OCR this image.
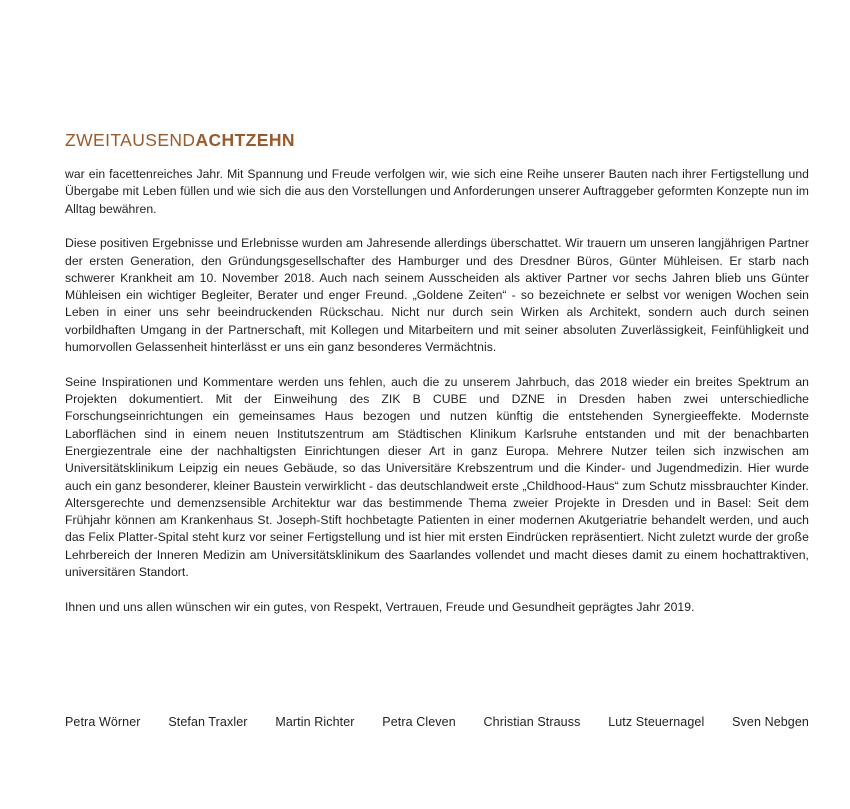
ZWEITAUSENDACHTZEHN

war ein facettenreiches Jahr. Mit Spannung und Freude verfolgen wir, wie sich eine Reihe unserer Bauten nach ihrer Fertigstellung und Übergabe mit Leben füllen und wie sich die aus den Vorstellungen und Anforderungen unserer Auftraggeber geformten Konzepte nun im Alltag bewähren.

Diese positiven Ergebnisse und Erlebnisse wurden am Jahresende allerdings überschattet. Wir trauern um unseren langjährigen Partner der ersten Generation, den Gründungsgesellschafter des Hamburger und des Dresdner Büros, Günter Mühleisen. Er starb nach schwerer Krankheit am 10. November 2018. Auch nach seinem Ausscheiden als aktiver Partner vor sechs Jahren blieb uns Günter Mühleisen ein wichtiger Begleiter, Berater und enger Freund. „Goldene Zeiten“ - so bezeichnete er selbst vor wenigen Wochen sein Leben in einer uns sehr beeindruckenden Rückschau. Nicht nur durch sein Wirken als Architekt, sondern auch durch seinen vorbildhaften Umgang in der Partnerschaft, mit Kollegen und Mitarbeitern und mit seiner absoluten Zuverlässigkeit, Feinfühligkeit und humorvollen Gelassenheit hinterlässt er uns ein ganz besonderes Vermächtnis.

Seine Inspirationen und Kommentare werden uns fehlen, auch die zu unserem Jahrbuch, das 2018 wieder ein breites Spektrum an Projekten dokumentiert. Mit der Einweihung des ZIK B CUBE und DZNE in Dresden haben zwei unterschiedliche Forschungseinrichtungen ein gemeinsames Haus bezogen und nutzen künftig die entstehenden Synergieeffekte. Modernste Laborflächen sind in einem neuen Institutszentrum am Städtischen Klinikum Karlsruhe entstanden und mit der benachbarten Energiezentrale eine der nachhaltigsten Einrichtungen dieser Art in ganz Europa. Mehrere Nutzer teilen sich inzwischen am Universitätsklinikum Leipzig ein neues Gebäude, so das Universitäre Krebszentrum und die Kinder- und Jugendmedizin. Hier wurde auch ein ganz besonderer, kleiner Baustein verwirklicht - das deutschlandweit erste „Childhood-Haus“ zum Schutz missbrauchter Kinder. Altersgerechte und demenzsensible Architektur war das bestimmende Thema zweier Projekte in Dresden und in Basel: Seit dem Frühjahr können am Krankenhaus St. Joseph-Stift hochbetagte Patienten in einer modernen Akutgeriatrie behandelt werden, und auch das Felix Platter-Spital steht kurz vor seiner Fertigstellung und ist hier mit ersten Eindrücken repräsentiert. Nicht zuletzt wurde der große Lehrbereich der Inneren Medizin am Universitätsklinikum des Saarlandes vollendet und macht dieses damit zu einem hochattraktiven, universitären Standort.

Ihnen und uns allen wünschen wir ein gutes, von Respekt, Vertrauen, Freude und Gesundheit geprägtes Jahr 2019.

Petra Wörner Stefan Traxler Martin Richter Petra Cleven Christian Strauss Lutz Steuernagel Sven Nebgen
